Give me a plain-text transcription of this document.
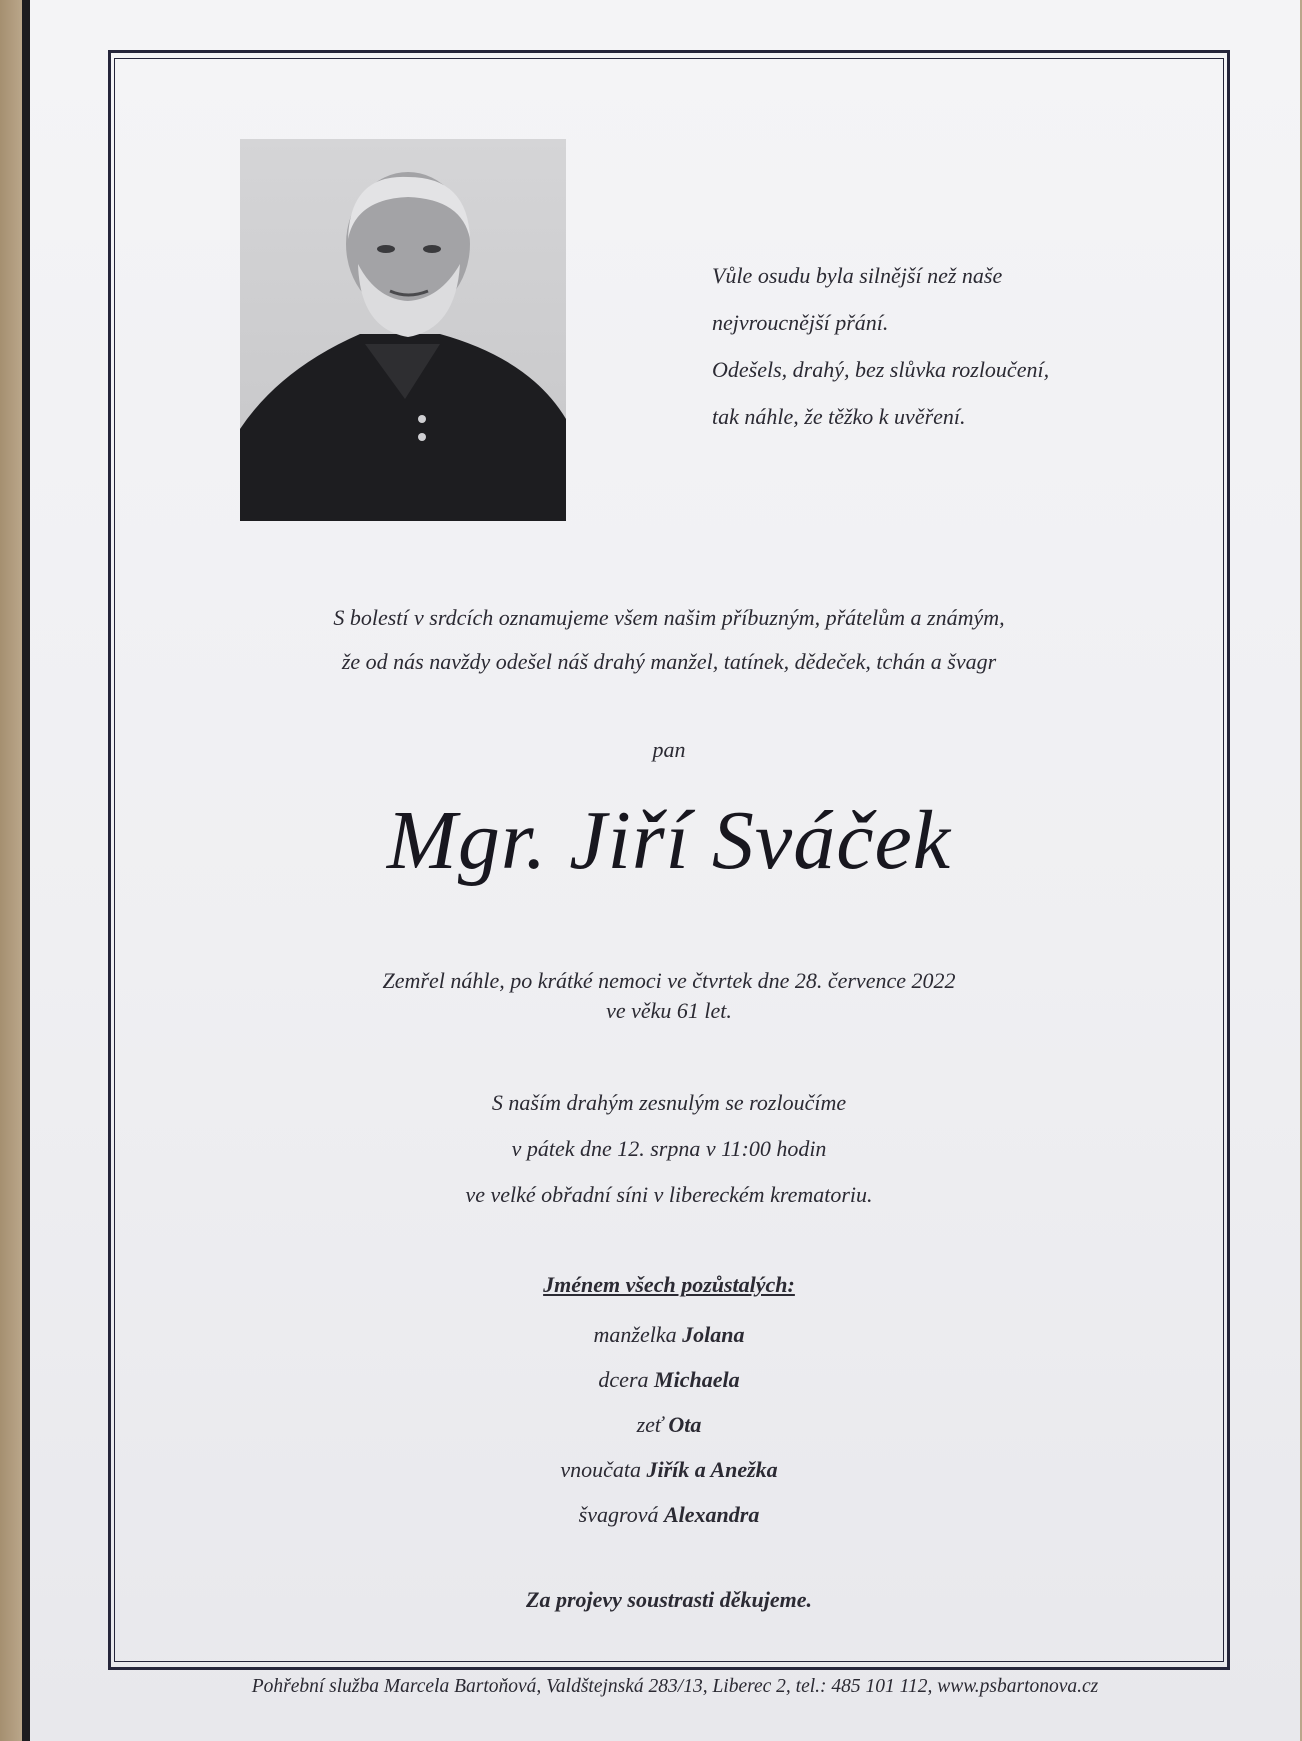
Vůle osudu byla silnější než naše
nejvroucnější přání.
Odešels, drahý, bez slůvka rozloučení,
tak náhle, že těžko k uvěření.
S bolestí v srdcích oznamujeme všem našim příbuzným, přátelům a známým,
že od nás navždy odešel náš drahý manžel, tatínek, dědeček, tchán a švagr
pan
Mgr. Jiří Sváček
Zemřel náhle, po krátké nemoci ve čtvrtek dne 28. července 2022
ve věku 61 let.
S naším drahým zesnulým se rozloučíme
v pátek dne 12. srpna v 11:00 hodin
ve velké obřadní síni v libereckém krematoriu.
Jménem všech pozůstalých:
manželka Jolana
dcera Michaela
zeť Ota
vnoučata Jiřík a Anežka
švagrová Alexandra
Za projevy soustrasti děkujeme.
Pohřební služba Marcela Bartoňová, Valdštejnská 283/13, Liberec 2, tel.: 485 101 112, www.psbartonova.cz
